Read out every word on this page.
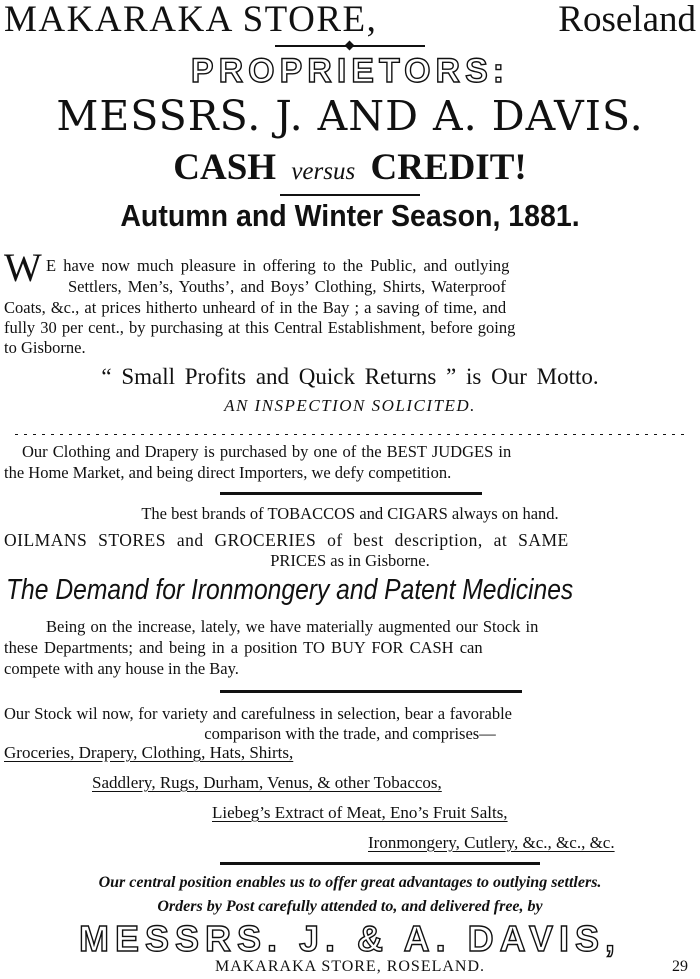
MAKARAKA STORE,	Roseland
PROPRIETORS:
MESSRS. J. AND A. DAVIS.
CASH versus CREDIT!
Autumn and Winter Season, 1881.
W E have now much pleasure in offering to the Public, and outlying
Settlers, Men’s, Youths’, and Boys’ Clothing, Shirts, Waterproof
Coats, &c., at prices hitherto unheard of in the Bay ; a saving of time, and
fully 30 per cent., by purchasing at this Central Establishment, before going
to Gisborne.
“ Small Profits and Quick Returns ” is Our Motto.
AN INSPECTION SOLICITED.
Our Clothing and Drapery is purchased by one of the BEST JUDGES in
the Home Market, and being direct Importers, we defy competition.
The best brands of TOBACCOS and CIGARS always on hand.
OILMANS STORES and GROCERIES of best description, at SAME
PRICES as in Gisborne.
The Demand for Ironmongery and Patent Medicines
Being on the increase, lately, we have materially augmented our Stock in
these Departments; and being in a position TO BUY FOR CASH can
compete with any house in the Bay.
Our Stock wil now, for variety and carefulness in selection, bear a favorable
comparison with the trade, and comprises—
Groceries, Drapery, Clothing, Hats, Shirts,
Saddlery, Rugs, Durham, Venus, & other Tobaccos,
Liebeg’s Extract of Meat, Eno’s Fruit Salts,
Ironmongery, Cutlery, &c., &c., &c.
Our central position enables us to offer great advantages to outlying settlers.
Orders by Post carefully attended to, and delivered free, by
MESSRS. J. & A. DAVIS,
MAKARAKA STORE, ROSELAND.	29
